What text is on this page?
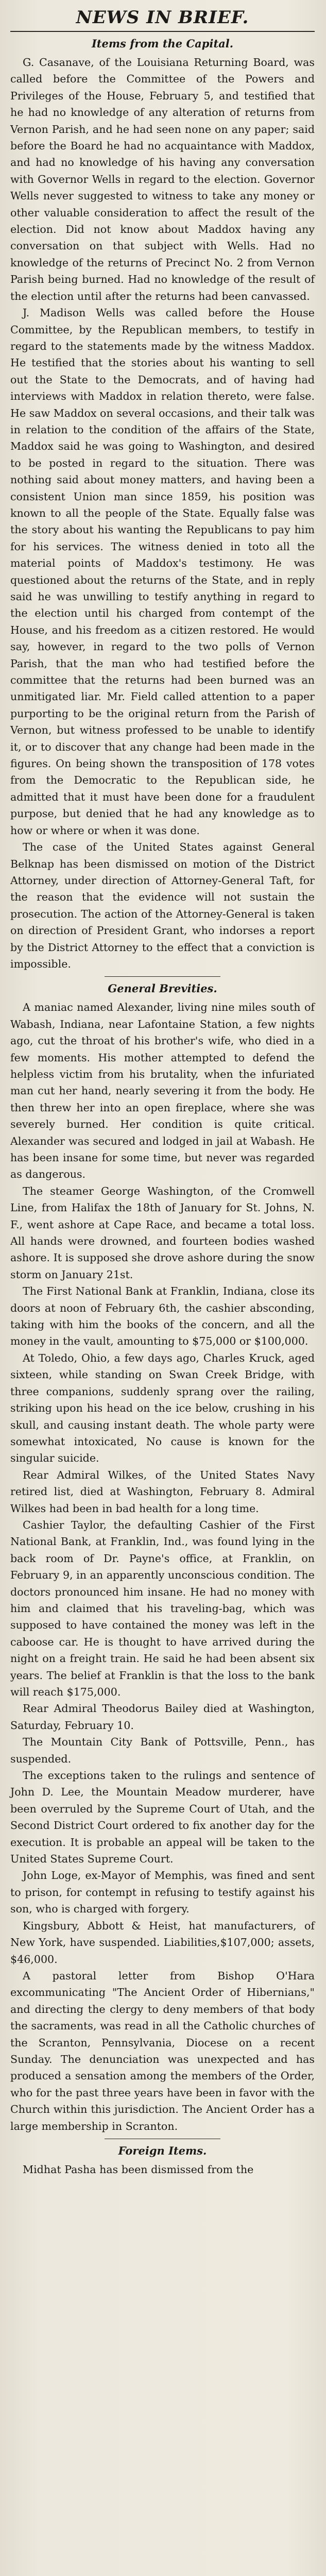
NEWS IN BRIEF.
Items from the Capital.

G. Casanave, of the Louisiana Returning Board, was called before the Committee of the Powers and Privileges of the House, February 5, and testified that he had no knowledge of any alteration of returns from Vernon Parish, and he had seen none on any paper; said before the Board he had no acquaintance with Maddox, and had no knowledge of his having any conversation with Governor Wells in regard to the election. Governor Wells never suggested to witness to take any money or other valuable consideration to affect the result of the election. Did not know about Maddox having any conversation on that subject with Wells. Had no knowledge of the returns of Precinct No. 2 from Vernon Parish being burned. Had no knowledge of the result of the election until after the returns had been canvassed.

J. Madison Wells was called before the House Committee, by the Republican members, to testify in regard to the statements made by the witness Maddox. He testified that the stories about his wanting to sell out the State to the Democrats, and of having had interviews with Maddox in relation thereto, were false. He saw Maddox on several occasions, and their talk was in relation to the condition of the affairs of the State, Maddox said he was going to Washington, and desired to be posted in regard to the situation. There was nothing said about money matters, and having been a consistent Union man since 1859, his position was known to all the people of the State. Equally false was the story about his wanting the Republicans to pay him for his services. The witness denied in toto all the material points of Maddox's testimony. He was questioned about the returns of the State, and in reply said he was unwilling to testify anything in regard to the election until his charged from contempt of the House, and his freedom as a citizen restored. He would say, however, in regard to the two polls of Vernon Parish, that the man who had testified before the committee that the returns had been burned was an unmitigated liar. Mr. Field called attention to a paper purporting to be the original return from the Parish of Vernon, but witness professed to be unable to identify it, or to discover that any change had been made in the figures. On being shown the transposition of 178 votes from the Democratic to the Republican side, he admitted that it must have been done for a fraudulent purpose, but denied that he had any knowledge as to how or where or when it was done.

The case of the United States against General Belknap has been dismissed on motion of the District Attorney, under direction of Attorney-General Taft, for the reason that the evidence will not sustain the prosecution. The action of the Attorney-General is taken on direction of President Grant, who indorses a report by the District Attorney to the effect that a conviction is impossible.

General Brevities.

A maniac named Alexander, living nine miles south of Wabash, Indiana, near Lafontaine Station, a few nights ago, cut the throat of his brother's wife, who died in a few moments. His mother attempted to defend the helpless victim from his brutality, when the infuriated man cut her hand, nearly severing it from the body. He then threw her into an open fireplace, where she was severely burned. Her condition is quite critical. Alexander was secured and lodged in jail at Wabash. He has been insane for some time, but never was regarded as dangerous.

The steamer George Washington, of the Cromwell Line, from Halifax the 18th of January for St. Johns, N. F., went ashore at Cape Race, and became a total loss. All hands were drowned, and fourteen bodies washed ashore. It is supposed she drove ashore during the snow storm on January 21st.

The First National Bank at Franklin, Indiana, close its doors at noon of February 6th, the cashier absconding, taking with him the books of the concern, and all the money in the vault, amounting to $75,000 or $100,000.

At Toledo, Ohio, a few days ago, Charles Kruck, aged sixteen, while standing on Swan Creek Bridge, with three companions, suddenly sprang over the railing, striking upon his head on the ice below, crushing in his skull, and causing instant death. The whole party were somewhat intoxicated, No cause is known for the singular suicide.

Rear Admiral Wilkes, of the United States Navy retired list, died at Washington, February 8. Admiral Wilkes had been in bad health for a long time.

Cashier Taylor, the defaulting Cashier of the First National Bank, at Franklin, Ind., was found lying in the back room of Dr. Payne's office, at Franklin, on February 9, in an apparently unconscious condition. The doctors pronounced him insane. He had no money with him and claimed that his traveling-bag, which was supposed to have contained the money was left in the caboose car. He is thought to have arrived during the night on a freight train. He said he had been absent six years. The belief at Franklin is that the loss to the bank will reach $175,000.

Rear Admiral Theodorus Bailey died at Washington, Saturday, February 10.

The Mountain City Bank of Pottsville, Penn., has suspended.

The exceptions taken to the rulings and sentence of John D. Lee, the Mountain Meadow murderer, have been overruled by the Supreme Court of Utah, and the Second District Court ordered to fix another day for the execution. It is probable an appeal will be taken to the United States Supreme Court.

John Loge, ex-Mayor of Memphis, was fined and sent to prison, for contempt in refusing to testify against his son, who is charged with forgery.

Kingsbury, Abbott & Heist, hat manufacturers, of New York, have suspended. Liabilities,$107,000; assets, $46,000.

A pastoral letter from Bishop O'Hara excommunicating "The Ancient Order of Hibernians," and directing the clergy to deny members of that body the sacraments, was read in all the Catholic churches of the Scranton, Pennsylvania, Diocese on a recent Sunday. The denunciation was unexpected and has produced a sensation among the members of the Order, who for the past three years have been in favor with the Church within this jurisdiction. The Ancient Order has a large membership in Scranton.

Foreign Items.

Midhat Pasha has been dismissed from the
